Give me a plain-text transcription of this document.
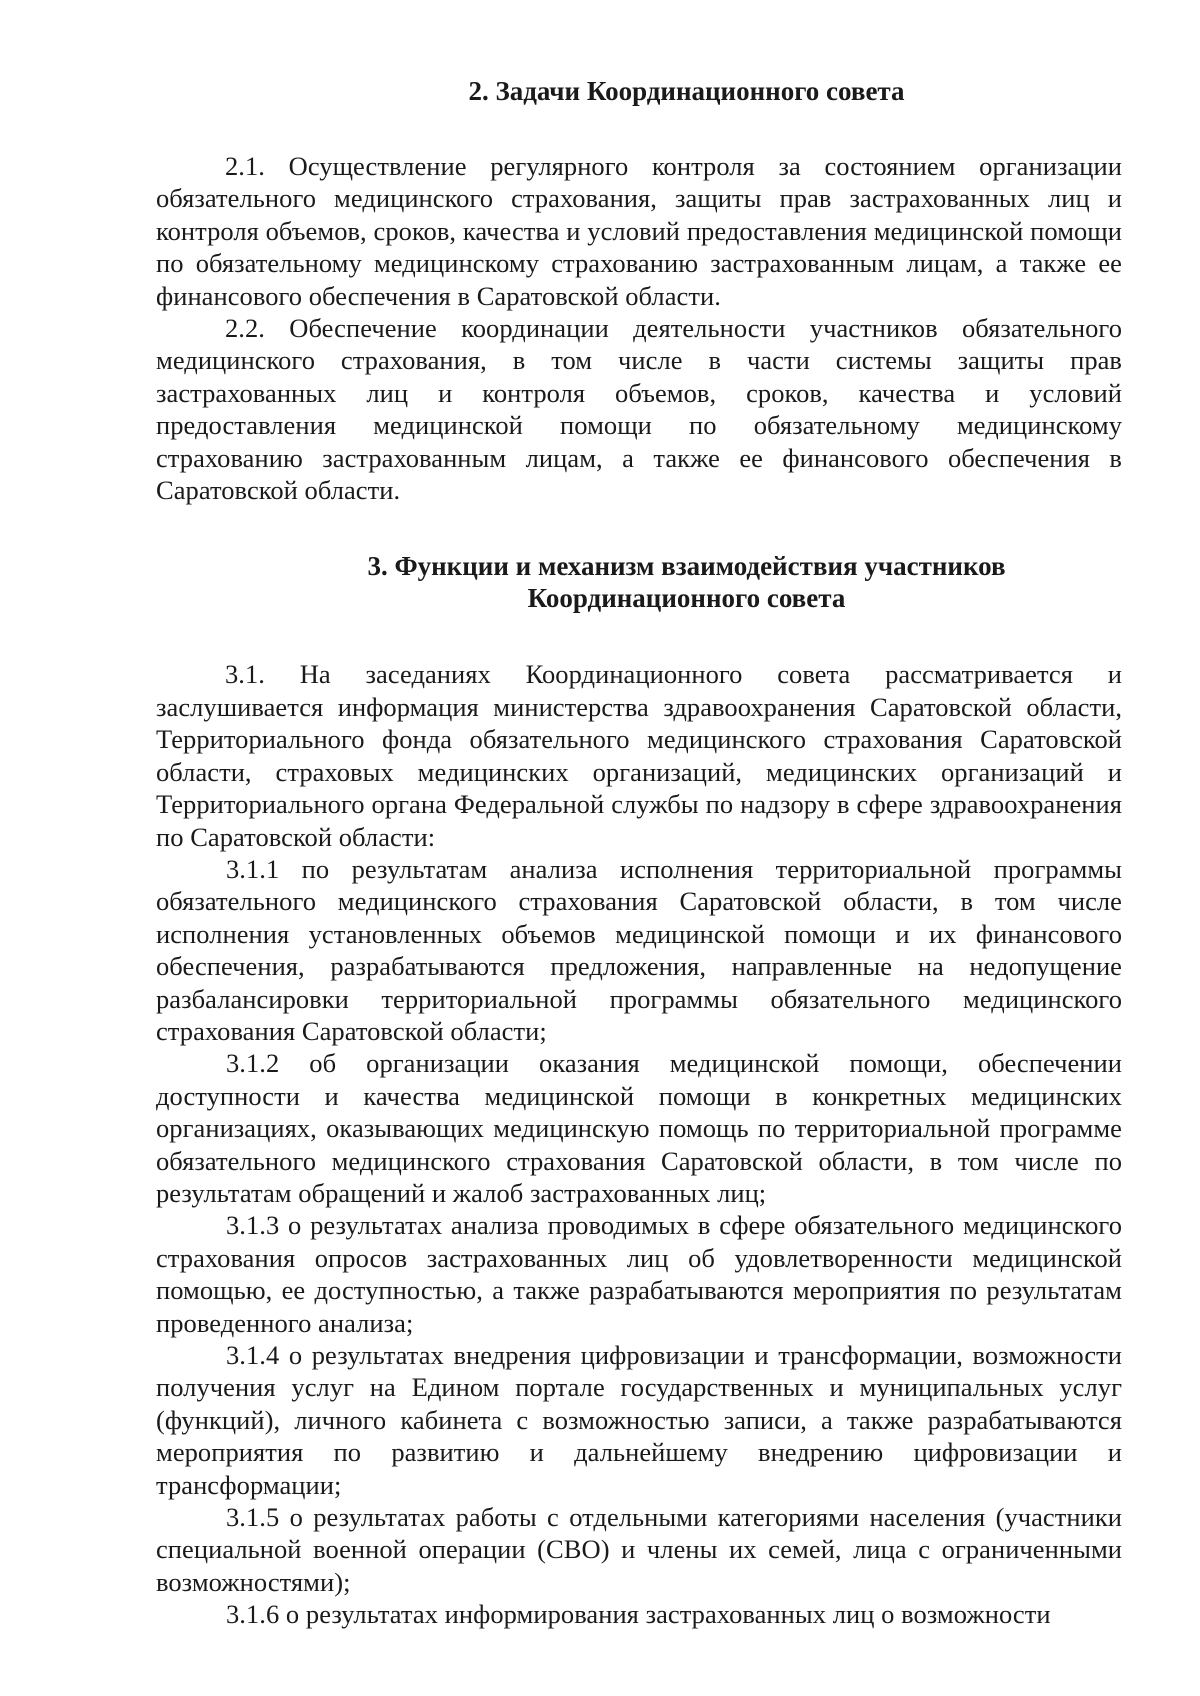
2. Задачи Координационного совета

2.1. Осуществление регулярного контроля за состоянием организации обязательного медицинского страхования, защиты прав застрахованных лиц и контроля объемов, сроков, качества и условий предоставления медицинской помощи по обязательному медицинскому страхованию застрахованным лицам, а также ее финансового обеспечения в Саратовской области.

2.2. Обеспечение координации деятельности участников обязательного медицинского страхования, в том числе в части системы защиты прав застрахованных лиц и контроля объемов, сроков, качества и условий предоставления медицинской помощи по обязательному медицинскому страхованию застрахованным лицам, а также ее финансового обеспечения в Саратовской области.

3. Функции и механизм взаимодействия участников
Координационного совета

3.1. На заседаниях Координационного совета рассматривается и заслушивается информация министерства здравоохранения Саратовской области, Территориального фонда обязательного медицинского страхования Саратовской области, страховых медицинских организаций, медицинских организаций и Территориального органа Федеральной службы по надзору в сфере здравоохранения по Саратовской области:

3.1.1 по результатам анализа исполнения территориальной программы обязательного медицинского страхования Саратовской области, в том числе исполнения установленных объемов медицинской помощи и их финансового обеспечения, разрабатываются предложения, направленные на недопущение разбалансировки территориальной программы обязательного медицинского страхования Саратовской области;

3.1.2 об организации оказания медицинской помощи, обеспечении доступности и качества медицинской помощи в конкретных медицинских организациях, оказывающих медицинскую помощь по территориальной программе обязательного медицинского страхования Саратовской области, в том числе по результатам обращений и жалоб застрахованных лиц;

3.1.3 о результатах анализа проводимых в сфере обязательного медицинского страхования опросов застрахованных лиц об удовлетворенности медицинской помощью, ее доступностью, а также разрабатываются мероприятия по результатам проведенного анализа;

3.1.4 о результатах внедрения цифровизации и трансформации, возможности получения услуг на Едином портале государственных и муниципальных услуг (функций), личного кабинета с возможностью записи, а также разрабатываются мероприятия по развитию и дальнейшему внедрению цифровизации и трансформации;

3.1.5 о результатах работы с отдельными категориями населения (участники специальной военной операции (СВО) и члены их семей, лица с ограниченными возможностями);

3.1.6 о результатах информирования застрахованных лиц о возможности
